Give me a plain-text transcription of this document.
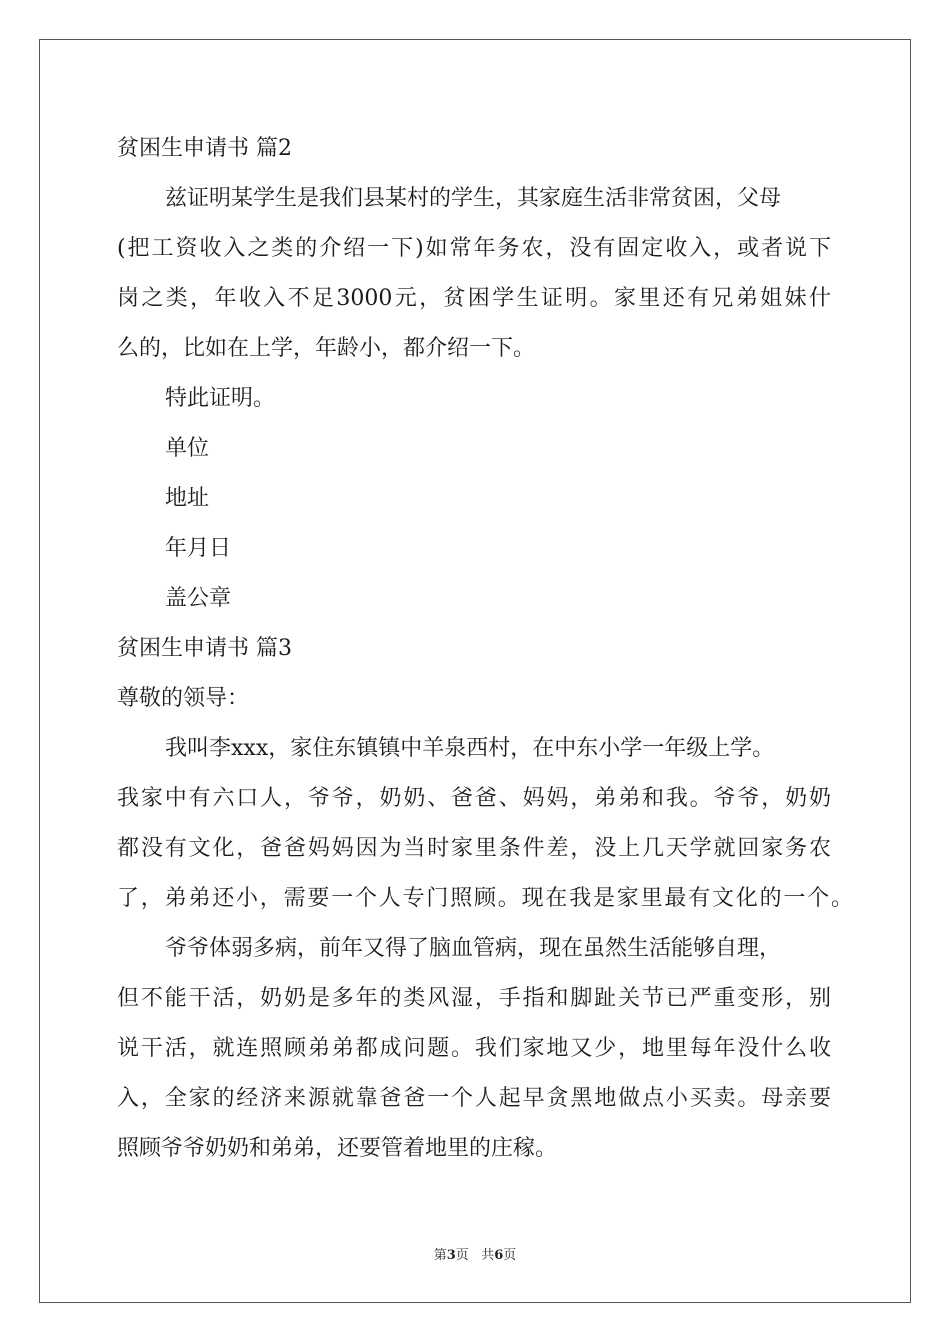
贫困生申请书 篇2
兹证明某学生是我们县某村的学生，其家庭生活非常贫困，父母
(把工资收入之类的介绍一下)如常年务农，没有固定收入，或者说下
岗之类，年收入不足3000元，贫困学生证明。家里还有兄弟姐妹什
么的，比如在上学，年龄小，都介绍一下。
特此证明。
单位
地址
年月日
盖公章
贫困生申请书 篇3
尊敬的领导：
我叫李xxx，家住东镇镇中羊泉西村，在中东小学一年级上学。
我家中有六口人，爷爷，奶奶、爸爸、妈妈，弟弟和我。爷爷，奶奶
都没有文化，爸爸妈妈因为当时家里条件差，没上几天学就回家务农
了，弟弟还小，需要一个人专门照顾。现在我是家里最有文化的一个。
爷爷体弱多病，前年又得了脑血管病，现在虽然生活能够自理，
但不能干活，奶奶是多年的类风湿，手指和脚趾关节已严重变形，别
说干活，就连照顾弟弟都成问题。我们家地又少，地里每年没什么收
入，全家的经济来源就靠爸爸一个人起早贪黑地做点小买卖。母亲要
照顾爷爷奶奶和弟弟，还要管着地里的庄稼。
第3页   共6页
